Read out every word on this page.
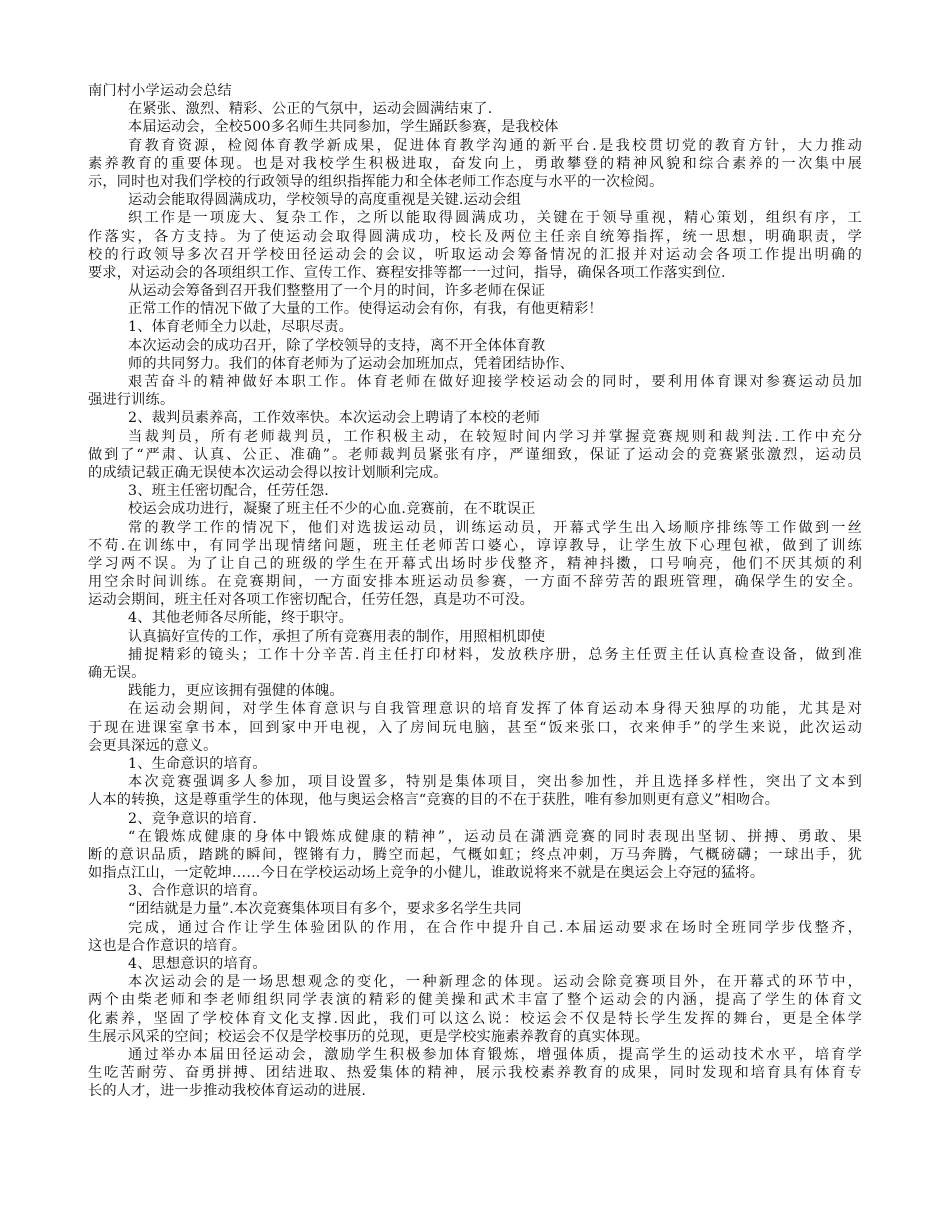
南门村小学运动会总结
在紧张、激烈、精彩、公正的气氛中，运动会圆满结束了.
本届运动会，全校500多名师生共同参加，学生踊跃参赛，是我校体
育教育资源，检阅体育教学新成果，促进体育教学沟通的新平台.是我校贯切党的教育方针，大力推动
素养教育的重要体现。也是对我校学生积极进取，奋发向上，勇敢攀登的精神风貌和综合素养的一次集中展
示，同时也对我们学校的行政领导的组织指挥能力和全体老师工作态度与水平的一次检阅。
运动会能取得圆满成功，学校领导的高度重视是关键.运动会组
织工作是一项庞大、复杂工作，之所以能取得圆满成功，关键在于领导重视，精心策划，组织有序，工
作落实，各方支持。为了使运动会取得圆满成功，校长及两位主任亲自统筹指挥，统一思想，明确职责，学
校的行政领导多次召开学校田径运动会的会议，听取运动会筹备情况的汇报并对运动会各项工作提出明确的
要求，对运动会的各项组织工作、宣传工作、赛程安排等都一一过问，指导，确保各项工作落实到位.
从运动会筹备到召开我们整整用了一个月的时间，许多老师在保证
正常工作的情况下做了大量的工作。使得运动会有你，有我，有他更精彩！
1、体育老师全力以赴，尽职尽责。
本次运动会的成功召开，除了学校领导的支持，离不开全体体育教
师的共同努力。我们的体育老师为了运动会加班加点，凭着团结协作、
艰苦奋斗的精神做好本职工作。体育老师在做好迎接学校运动会的同时，要利用体育课对参赛运动员加
强进行训练。
2、裁判员素养高，工作效率快。本次运动会上聘请了本校的老师
当裁判员，所有老师裁判员，工作积极主动，在较短时间内学习并掌握竞赛规则和裁判法.工作中充分
做到了“严肃、认真、公正、准确”。老师裁判员紧张有序，严谨细致，保证了运动会的竞赛紧张激烈，运动员
的成绩记载正确无误使本次运动会得以按计划顺利完成。
3、班主任密切配合，任劳任怨.
校运会成功进行，凝聚了班主任不少的心血.竞赛前，在不耽误正
常的教学工作的情况下，他们对选拔运动员，训练运动员，开幕式学生出入场顺序排练等工作做到一丝
不苟.在训练中，有同学出现情绪问题，班主任老师苦口婆心，谆谆教导，让学生放下心理包袱，做到了训练
学习两不误。为了让自己的班级的学生在开幕式出场时步伐整齐，精神抖擞，口号响亮，他们不厌其烦的利
用空余时间训练。在竞赛期间，一方面安排本班运动员参赛，一方面不辞劳苦的跟班管理，确保学生的安全。
运动会期间，班主任对各项工作密切配合，任劳任怨，真是功不可没。
4、其他老师各尽所能，终于职守。
认真搞好宣传的工作，承担了所有竞赛用表的制作，用照相机即使
捕捉精彩的镜头；工作十分辛苦.肖主任打印材料，发放秩序册，总务主任贾主任认真检查设备，做到准
确无误。
践能力，更应该拥有强健的体魄。
在运动会期间，对学生体育意识与自我管理意识的培育发挥了体育运动本身得天独厚的功能，尤其是对
于现在进课室拿书本，回到家中开电视，入了房间玩电脑，甚至“饭来张口，衣来伸手”的学生来说，此次运动
会更具深远的意义。
1、生命意识的培育。
本次竞赛强调多人参加，项目设置多，特别是集体项目，突出参加性，并且选择多样性，突出了文本到
人本的转换，这是尊重学生的体现，他与奥运会格言“竞赛的目的不在于获胜，唯有参加则更有意义”相吻合。
2、竞争意识的培育.
“在锻炼成健康的身体中锻炼成健康的精神”，运动员在潇洒竞赛的同时表现出坚韧、拼搏、勇敢、果
断的意识品质，踏跳的瞬间，铿锵有力，腾空而起，气概如虹；终点冲刺，万马奔腾，气概磅礴；一球出手，犹
如指点江山，一定乾坤……今日在学校运动场上竞争的小健儿，谁敢说将来不就是在奥运会上夺冠的猛将。
3、合作意识的培育。
“团结就是力量”.本次竞赛集体项目有多个，要求多名学生共同
完成，通过合作让学生体验团队的作用，在合作中提升自己.本届运动要求在场时全班同学步伐整齐，
这也是合作意识的培育。
4、思想意识的培育。
本次运动会的是一场思想观念的变化，一种新理念的体现。运动会除竞赛项目外，在开幕式的环节中，
两个由柴老师和李老师组织同学表演的精彩的健美操和武术丰富了整个运动会的内涵，提高了学生的体育文
化素养，坚固了学校体育文化支撑.因此，我们可以这么说：校运会不仅是特长学生发挥的舞台，更是全体学
生展示风采的空间；校运会不仅是学校事历的兑现，更是学校实施素养教育的真实体现。
通过举办本届田径运动会，激励学生积极参加体育锻炼，增强体质，提高学生的运动技术水平，培育学
生吃苦耐劳、奋勇拼搏、团结进取、热爱集体的精神，展示我校素养教育的成果，同时发现和培育具有体育专
长的人才，进一步推动我校体育运动的进展.
